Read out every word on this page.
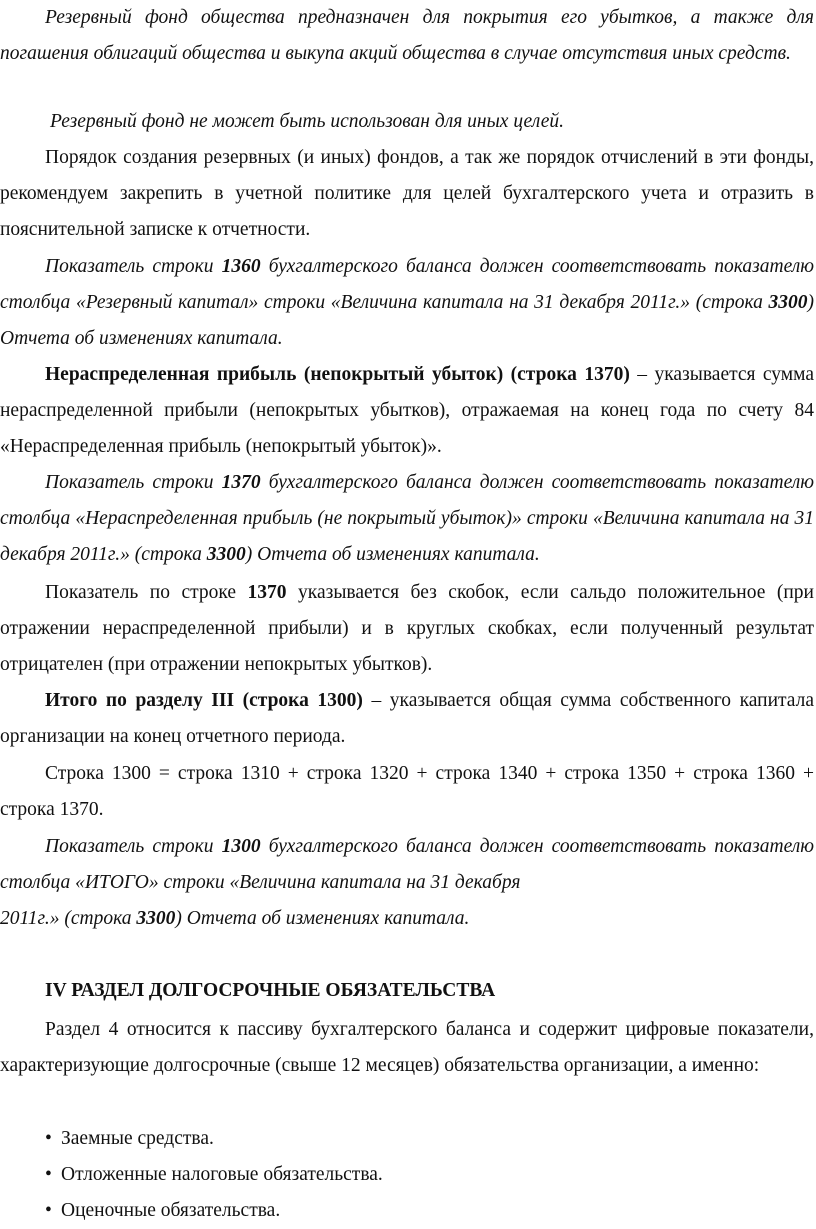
Резервный фонд общества предназначен для покрытия его убытков, а также для погашения облигаций общества и выкупа акций общества в случае отсутствия иных средств.
Резервный фонд не может быть использован для иных целей.
Порядок создания резервных (и иных) фондов, а так же порядок отчислений в эти фонды, рекомендуем закрепить в учетной политике для целей бухгалтерского учета и отразить в пояснительной записке к отчетности.
Показатель строки 1360 бухгалтерского баланса должен соответствовать показателю столбца «Резервный капитал» строки «Величина капитала на 31 декабря 2011г.» (строка 3300) Отчета об изменениях капитала.
Нераспределенная прибыль (непокрытый убыток) (строка 1370) – указывается сумма нераспределенной прибыли (непокрытых убытков), отражаемая на конец года по счету 84 «Нераспределенная прибыль (непокрытый убыток)».
Показатель строки 1370 бухгалтерского баланса должен соответствовать показателю столбца «Нераспределенная прибыль (не покрытый убыток)» строки «Величина капитала на 31 декабря 2011г.» (строка 3300) Отчета об изменениях капитала.
Показатель по строке 1370 указывается без скобок, если сальдо положительное (при отражении нераспределенной прибыли) и в круглых скобках, если полученный результат отрицателен (при отражении непокрытых убытков).
Итого по разделу III (строка 1300) – указывается общая сумма собственного капитала организации на конец отчетного периода.
Строка 1300 = строка 1310 + строка 1320 + строка 1340 + строка 1350 + строка 1360 + строка 1370.
Показатель строки 1300 бухгалтерского баланса должен соответствовать показателю столбца «ИТОГО» строки «Величина капитала на 31 декабря
2011г.» (строка 3300) Отчета об изменениях капитала.
IV РАЗДЕЛ ДОЛГОСРОЧНЫЕ ОБЯЗАТЕЛЬСТВА
Раздел 4 относится к пассиву бухгалтерского баланса и содержит цифровые показатели, характеризующие долгосрочные (свыше 12 месяцев) обязательства организации, а именно:
• Заемные средства.
• Отложенные налоговые обязательства.
• Оценочные обязательства.
